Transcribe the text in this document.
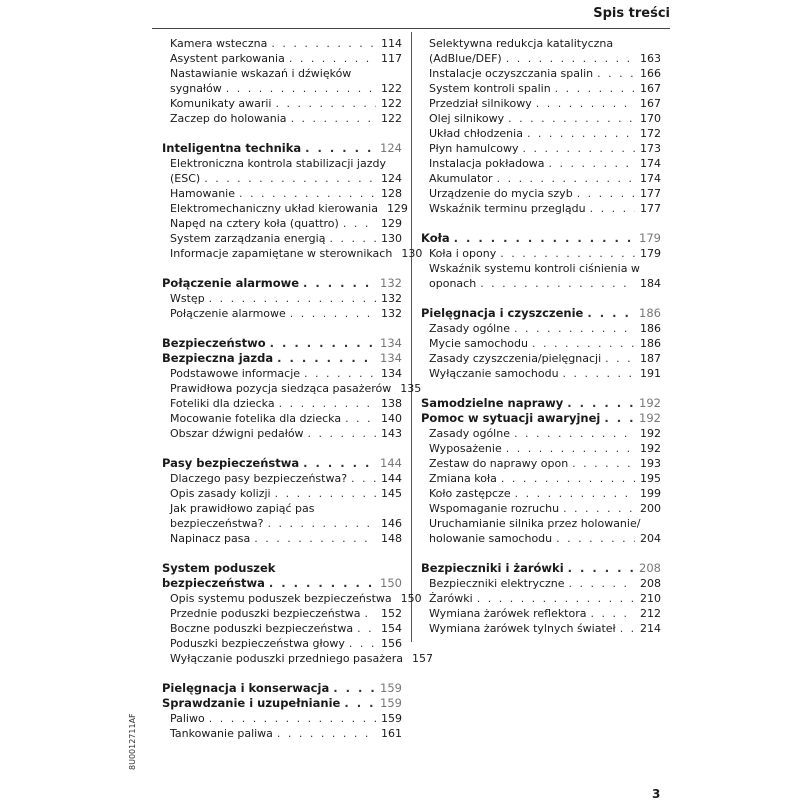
Spis treści
Kamera wsteczna . . .	114
Asystent parkowania . . .	117
Nastawianie wskazań i dźwięków
sygnałów . . .	122
Komunikaty awarii . . .	122
Zaczep do holowania . . .	122
Inteligentna technika . . .	124
Elektroniczna kontrola stabilizacji jazdy
(ESC) . . .	124
Hamowanie . . .	128
Elektromechaniczny układ kierowania 129
Napęd na cztery koła (quattro) . . .	129
System zarządzania energią . . .	130
Informacje zapamiętane w sterownikach 130
Połączenie alarmowe . . .	132
Wstęp . . .	132
Połączenie alarmowe . . .	132
Bezpieczeństwo . . .	134
Bezpieczna jazda . . .	134
Podstawowe informacje . . .	134
Prawidłowa pozycja siedząca pasażerów 135
Foteliki dla dziecka . . .	138
Mocowanie fotelika dla dziecka . . .	140
Obszar dźwigni pedałów . . .	143
Pasy bezpieczeństwa . . .	144
Dlaczego pasy bezpieczeństwa? . . .	144
Opis zasady kolizji . . .	145
Jak prawidłowo zapiąć pas
bezpieczeństwa? . . .	146
Napinacz pasa . . .	148
System poduszek
bezpieczeństwa . . .	150
Opis systemu poduszek bezpieczeństwa 150
Przednie poduszki bezpieczeństwa . . . 152
Boczne poduszki bezpieczeństwa . . .	154
Poduszki bezpieczeństwa głowy . . .	156
Wyłączanie poduszki przedniego pasażera 157
Pielęgnacja i konserwacja . . .	159
Sprawdzanie i uzupełnianie . . .	159
Paliwo . . .	159
Tankowanie paliwa . . .	161
Selektywna redukcja katalityczna
(AdBlue/DEF) . . .	163
Instalacje oczyszczania spalin . . .	166
System kontroli spalin . . .	167
Przedział silnikowy . . .	167
Olej silnikowy . . .	170
Układ chłodzenia . . .	172
Płyn hamulcowy . . .	173
Instalacja pokładowa . . .	174
Akumulator . . .	174
Urządzenie do mycia szyb . . .	177
Wskaźnik terminu przeglądu . . .	177
Koła . . .	179
Koła i opony . . .	179
Wskaźnik systemu kontroli ciśnienia w
oponach . . .	184
Pielęgnacja i czyszczenie . . .	186
Zasady ogólne . . .	186
Mycie samochodu . . .	186
Zasady czyszczenia/pielęgnacji . . .	187
Wyłączanie samochodu . . .	191
Samodzielne naprawy . . .	192
Pomoc w sytuacji awaryjnej . . .	192
Zasady ogólne . . .	192
Wyposażenie . . .	192
Zestaw do naprawy opon . . .	193
Zmiana koła . . .	195
Koło zastępcze . . .	199
Wspomaganie rozruchu . . .	200
Uruchamianie silnika przez holowanie/
holowanie samochodu . . .	204
Bezpieczniki i żarówki . . .	208
Bezpieczniki elektryczne . . .	208
Żarówki . . .	210
Wymiana żarówek reflektora . . .	212
Wymiana żarówek tylnych świateł . . . 214
8U0012711AF
3
